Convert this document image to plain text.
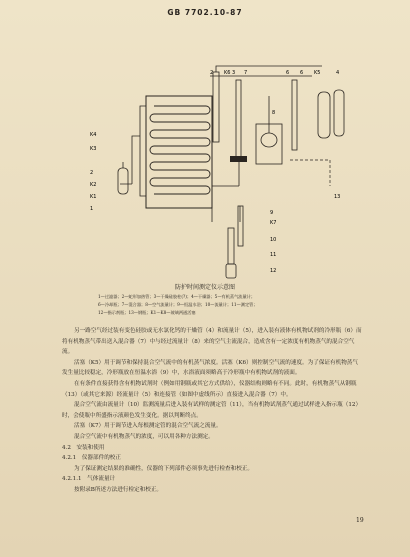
GB 7702.10-87
K6
2	3 7	6 6 K5	4
K4
K3
2
K2
K1
1
8
13
K7
9
10
11
12
防护时间测定仪示意图
1—过滤器；2—蛇形加热管；3—干燥硅胶柱(?)；4—干燥器；5—有机蒸气流量计；
6—冷却瓶；7—混合器；8—空气流量计；9—恒温水浴；10—流量计；11—测定管；
12—指示剂瓶；13—钢瓶；K1～K8—玻璃两通活塞

另一路空气经过装有变色硅胶或无水氯化钙的干燥管（4）和流量计（5），进入装有液体有机物试剂的冷形瓶（6）而将有机物蒸气带出送入混合器（7）中与经过流量计（8）来的空气主流混合，造成含有一定浓度有机物蒸气的混合空气流。

活塞（K5）用于调节和保持混合空气流中的有机蒸气浓度。活塞（K6）则控制空气流的速度。为了保证有机物蒸气发生量比较稳定，冷形瓶放在恒温水浴（9）中，水浴液面须略高于冷形瓶中有机物试剂的液面。

在有条件直接获得含有机物试剂时（例如用钢瓶或其它方式供给），仪器结构则略有不同。此时，有机物蒸气从钢瓶（13）（或其它来源）经流量计（5）和连接管（如图中虚线所示）直接进入混合器（7）中。

混合空气流由流量计（10）监测流量后进入装有试样的测定管（11），当有机物试剂蒸气通过试样进入指示瓶（12）时，会使瓶中所盛指示液颜色发生变化。据以判断终点。

活塞（K7）用于调节进入每根测定管的混合空气流之流量。

混合空气流中有机物蒸气的浓度，可以用各种方法测定。

4.2　安装和使用

4.2.1　仪器部件的校正

为了保证测定结果的准确性，仪器的下列部件必须事先进行检查和校正。

4.2.1.1　气体流量计

按附录B所述方法进行检定和校正。

19
